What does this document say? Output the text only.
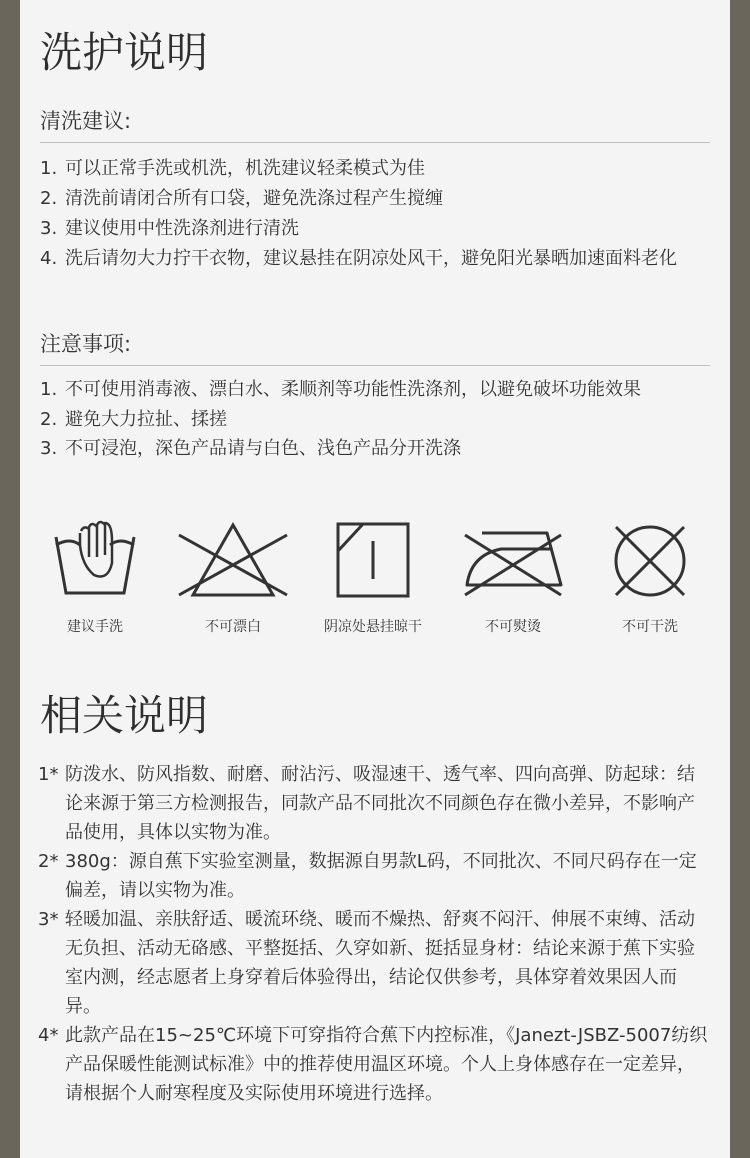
洗护说明
清洗建议:
1. 可以正常手洗或机洗，机洗建议轻柔模式为佳
2. 清洗前请闭合所有口袋，避免洗涤过程产生搅缠
3. 建议使用中性洗涤剂进行清洗
4. 洗后请勿大力拧干衣物，建议悬挂在阴凉处风干，避免阳光暴晒加速面料老化
注意事项:
1. 不可使用消毒液、漂白水、柔顺剂等功能性洗涤剂，以避免破坏功能效果
2. 避免大力拉扯、揉搓
3. 不可浸泡，深色产品请与白色、浅色产品分开洗涤
建议手洗	不可漂白	阴凉处悬挂晾干	不可熨烫	不可干洗
相关说明
1* 防泼水、防风指数、耐磨、耐沾污、吸湿速干、透气率、四向高弹、防起球：结论来源于第三方检测报告，同款产品不同批次不同颜色存在微小差异，不影响产品使用，具体以实物为准。
2* 380g：源自蕉下实验室测量，数据源自男款L码，不同批次、不同尺码存在一定偏差，请以实物为准。
3* 轻暖加温、亲肤舒适、暖流环绕、暖而不燥热、舒爽不闷汗、伸展不束缚、活动无负担、活动无硌感、平整挺括、久穿如新、挺括显身材：结论来源于蕉下实验室内测，经志愿者上身穿着后体验得出，结论仅供参考，具体穿着效果因人而异。
4* 此款产品在15~25℃环境下可穿指符合蕉下内控标准，《Janezt-JSBZ-5007纺织产品保暖性能测试标准》中的推荐使用温区环境。个人上身体感存在一定差异，请根据个人耐寒程度及实际使用环境进行选择。
